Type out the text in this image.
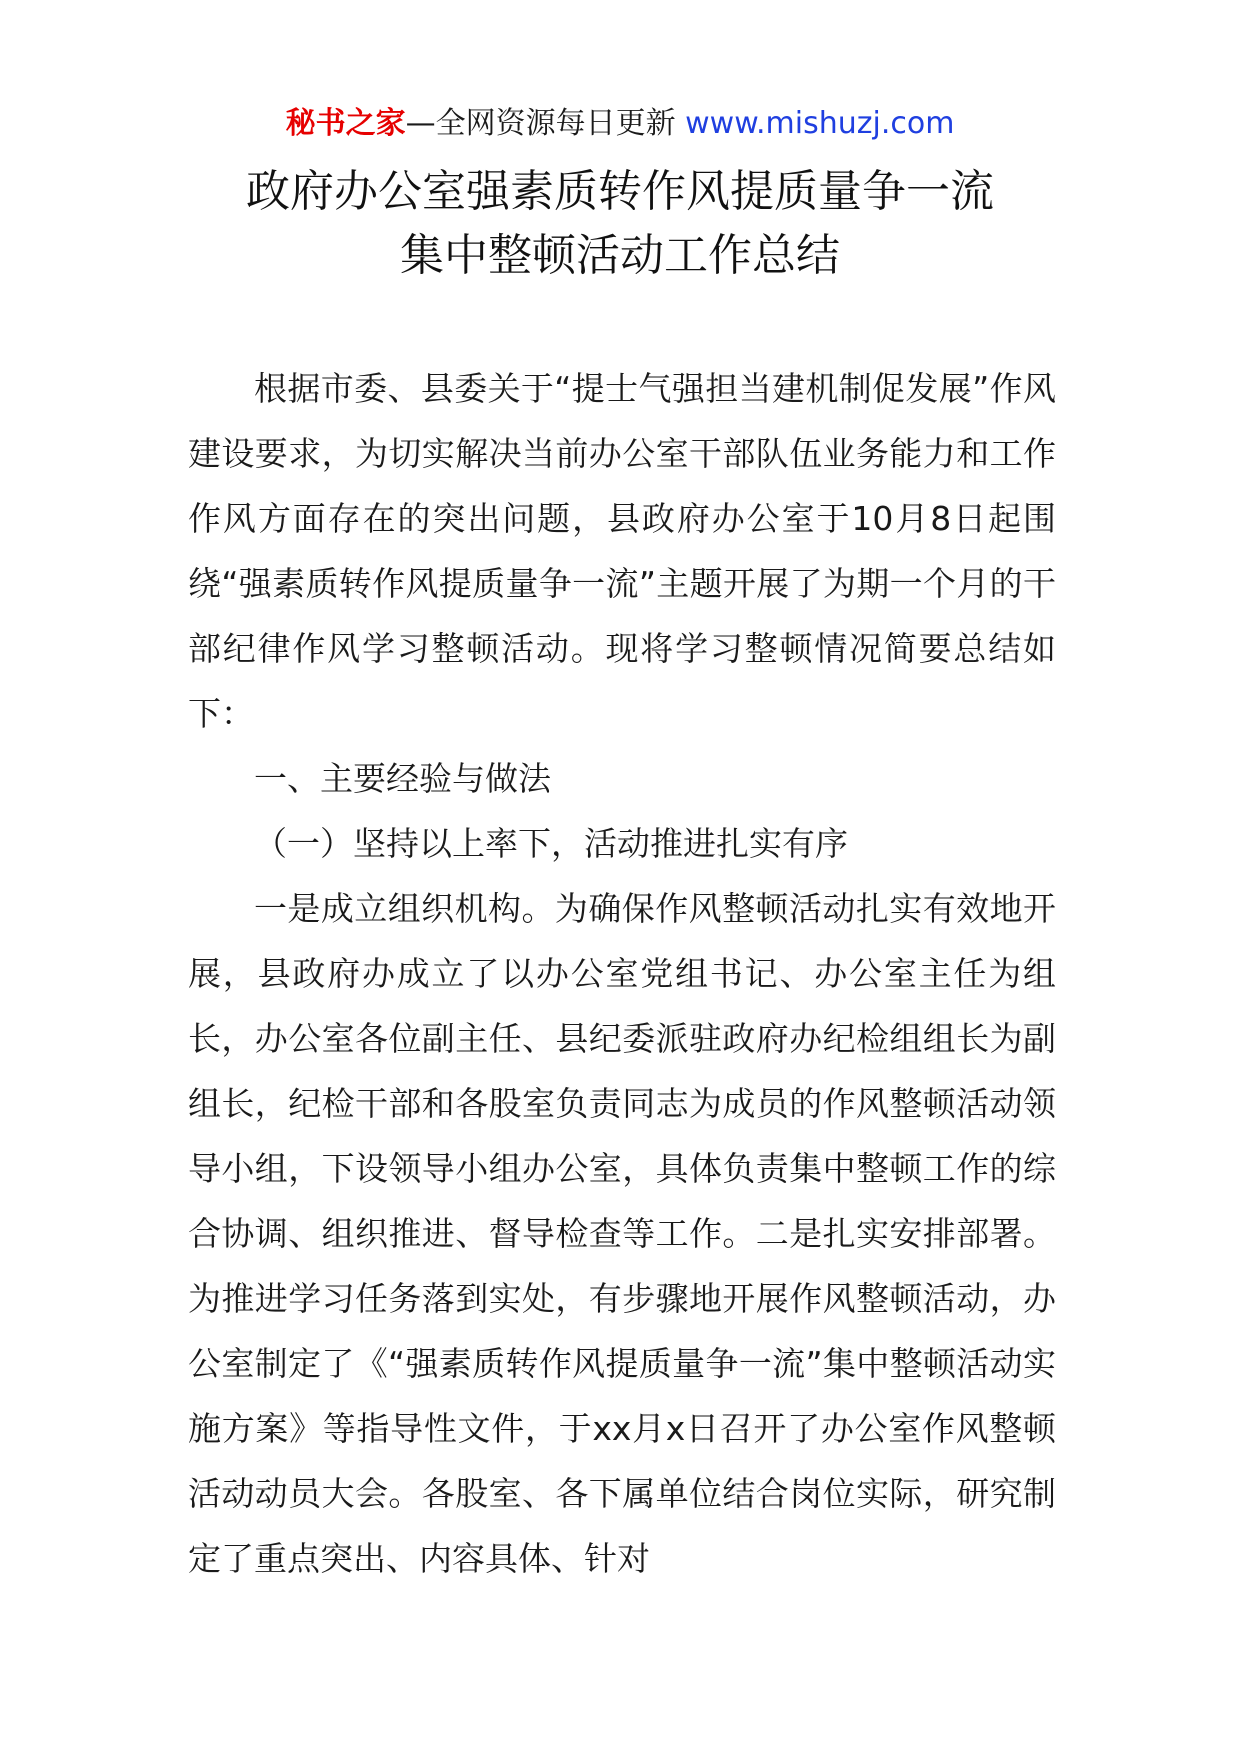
秘书之家—全网资源每日更新 www.mishuzj.com
政府办公室强素质转作风提质量争一流
集中整顿活动工作总结

根据市委、县委关于“提士气强担当建机制促发展”作风建设要求，为切实解决当前办公室干部队伍业务能力和工作作风方面存在的突出问题，县政府办公室于10月8日起围绕“强素质转作风提质量争一流”主题开展了为期一个月的干部纪律作风学习整顿活动。现将学习整顿情况简要总结如下：

一、主要经验与做法

（一）坚持以上率下，活动推进扎实有序

一是成立组织机构。为确保作风整顿活动扎实有效地开展，县政府办成立了以办公室党组书记、办公室主任为组长，办公室各位副主任、县纪委派驻政府办纪检组组长为副组长，纪检干部和各股室负责同志为成员的作风整顿活动领导小组，下设领导小组办公室，具体负责集中整顿工作的综合协调、组织推进、督导检查等工作。二是扎实安排部署。为推进学习任务落到实处，有步骤地开展作风整顿活动，办公室制定了《“强素质转作风提质量争一流”集中整顿活动实施方案》等指导性文件，于xx月x日召开了办公室作风整顿活动动员大会。各股室、各下属单位结合岗位实际，研究制定了重点突出、内容具体、针对
